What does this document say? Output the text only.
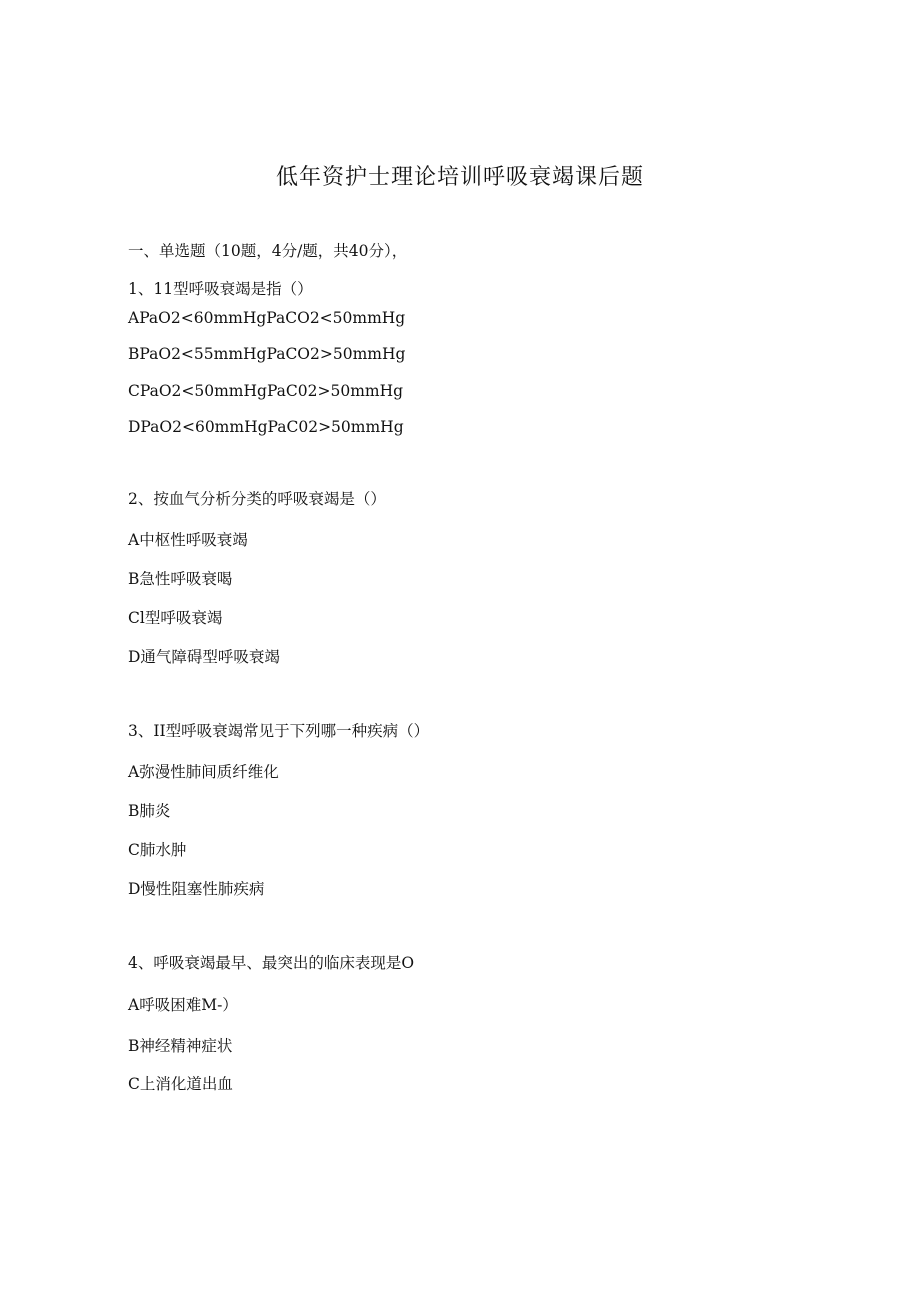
低年资护士理论培训呼吸衰竭课后题
一、单选题（10题，4分/题，共40分），
1、11型呼吸衰竭是指（）
APaO2<60mmHgPaCO2<50mmHg
BPaO2<55mmHgPaCO2>50mmHg
CPaO2<50mmHgPaC02>50mmHg
DPaO2<60mmHgPaC02>50mmHg
2、按血气分析分类的呼吸衰竭是（）
A中枢性呼吸衰竭
B急性呼吸衰喝
Cl型呼吸衰竭
D通气障碍型呼吸衰竭
3、II型呼吸衰竭常见于下列哪一种疾病（）
A弥漫性肺间质纤维化
B肺炎
C肺水肿
D慢性阻塞性肺疾病
4、呼吸衰竭最早、最突出的临床表现是O
A呼吸困难M-）
B神经精神症状
C上消化道出血
